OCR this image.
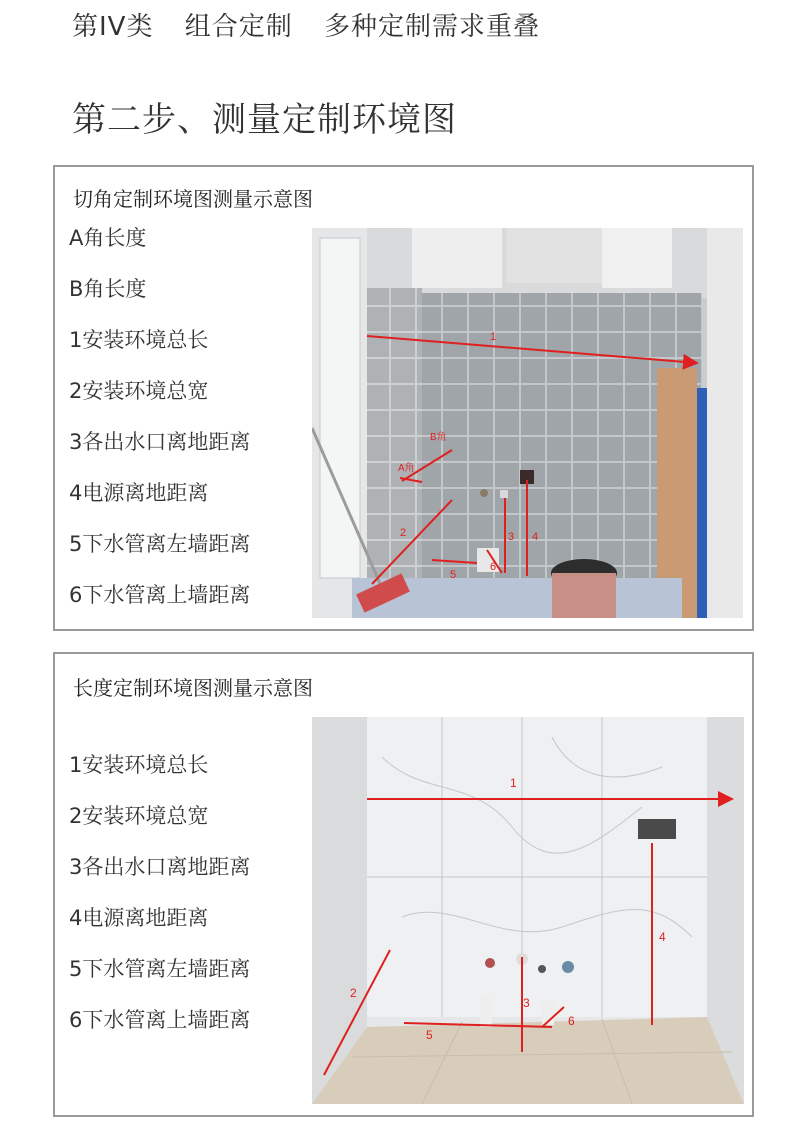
第IV类 组合定制 多种定制需求重叠
第二步、测量定制环境图
切角定制环境图测量示意图
A角长度
B角长度
1安装环境总长
2安装环境总宽
3各出水口离地距离
4电源离地距离
5下水管离左墙距离
6下水管离上墙距离
1
B角
A角
2	3 4
5
6
长度定制环境图测量示意图
1安装环境总长
2安装环境总宽
3各出水口离地距离
4电源离地距离
5下水管离左墙距离
6下水管离上墙距离
1
2
3
4
5
6
